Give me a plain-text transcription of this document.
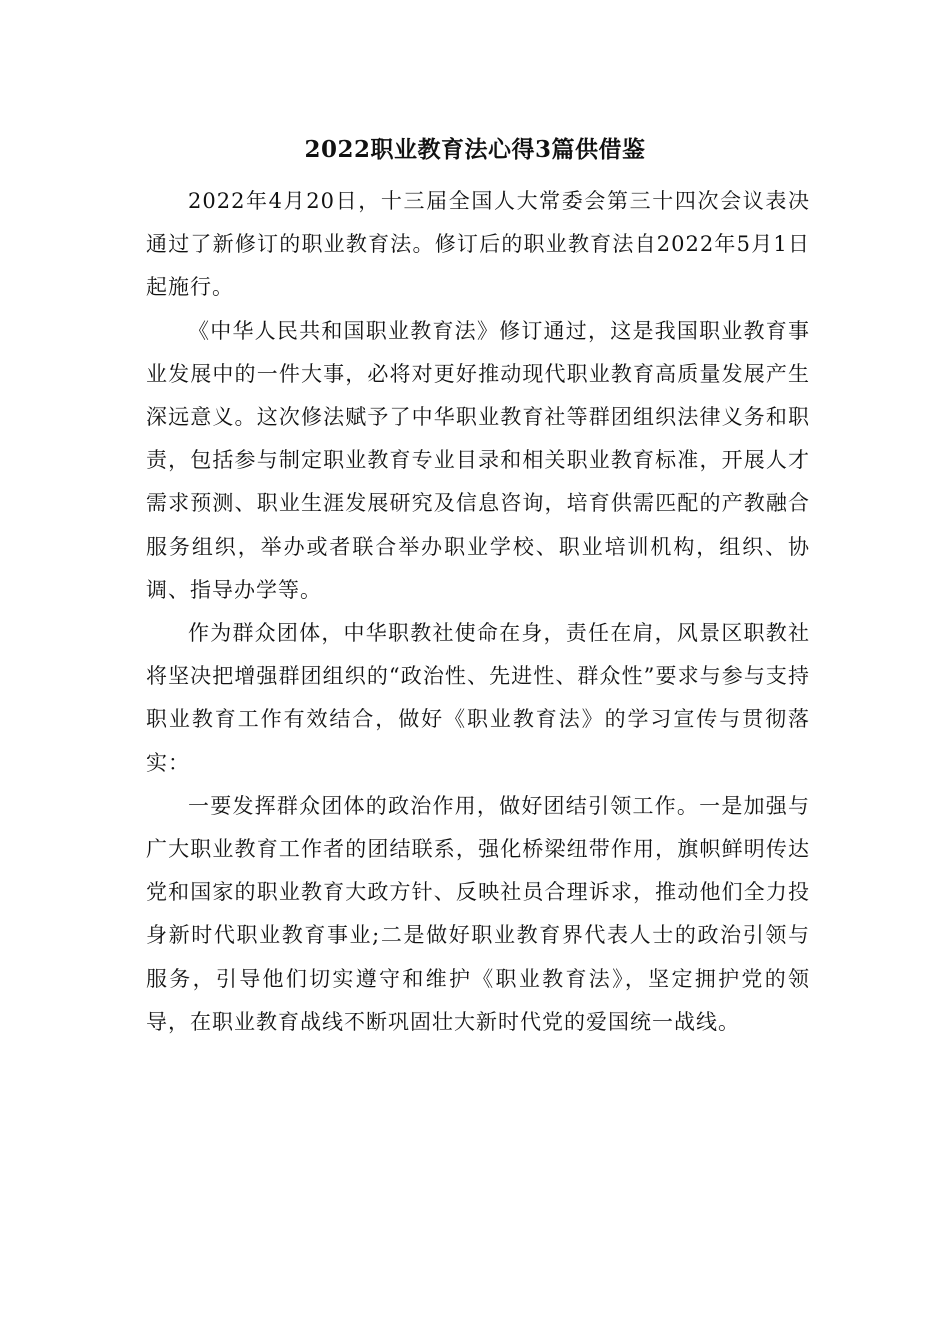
2022职业教育法心得3篇供借鉴

2022年4月20日，十三届全国人大常委会第三十四次会议表决通过了新修订的职业教育法。修订后的职业教育法自2022年5月1日起施行。

《中华人民共和国职业教育法》修订通过，这是我国职业教育事业发展中的一件大事，必将对更好推动现代职业教育高质量发展产生深远意义。这次修法赋予了中华职业教育社等群团组织法律义务和职责，包括参与制定职业教育专业目录和相关职业教育标准，开展人才需求预测、职业生涯发展研究及信息咨询，培育供需匹配的产教融合服务组织，举办或者联合举办职业学校、职业培训机构，组织、协调、指导办学等。

作为群众团体，中华职教社使命在身，责任在肩，风景区职教社将坚决把增强群团组织的“政治性、先进性、群众性”要求与参与支持职业教育工作有效结合，做好《职业教育法》的学习宣传与贯彻落实：

一要发挥群众团体的政治作用，做好团结引领工作。一是加强与广大职业教育工作者的团结联系，强化桥梁纽带作用，旗帜鲜明传达党和国家的职业教育大政方针、反映社员合理诉求，推动他们全力投身新时代职业教育事业;二是做好职业教育界代表人士的政治引领与服务，引导他们切实遵守和维护《职业教育法》，坚定拥护党的领导，在职业教育战线不断巩固壮大新时代党的爱国统一战线。
